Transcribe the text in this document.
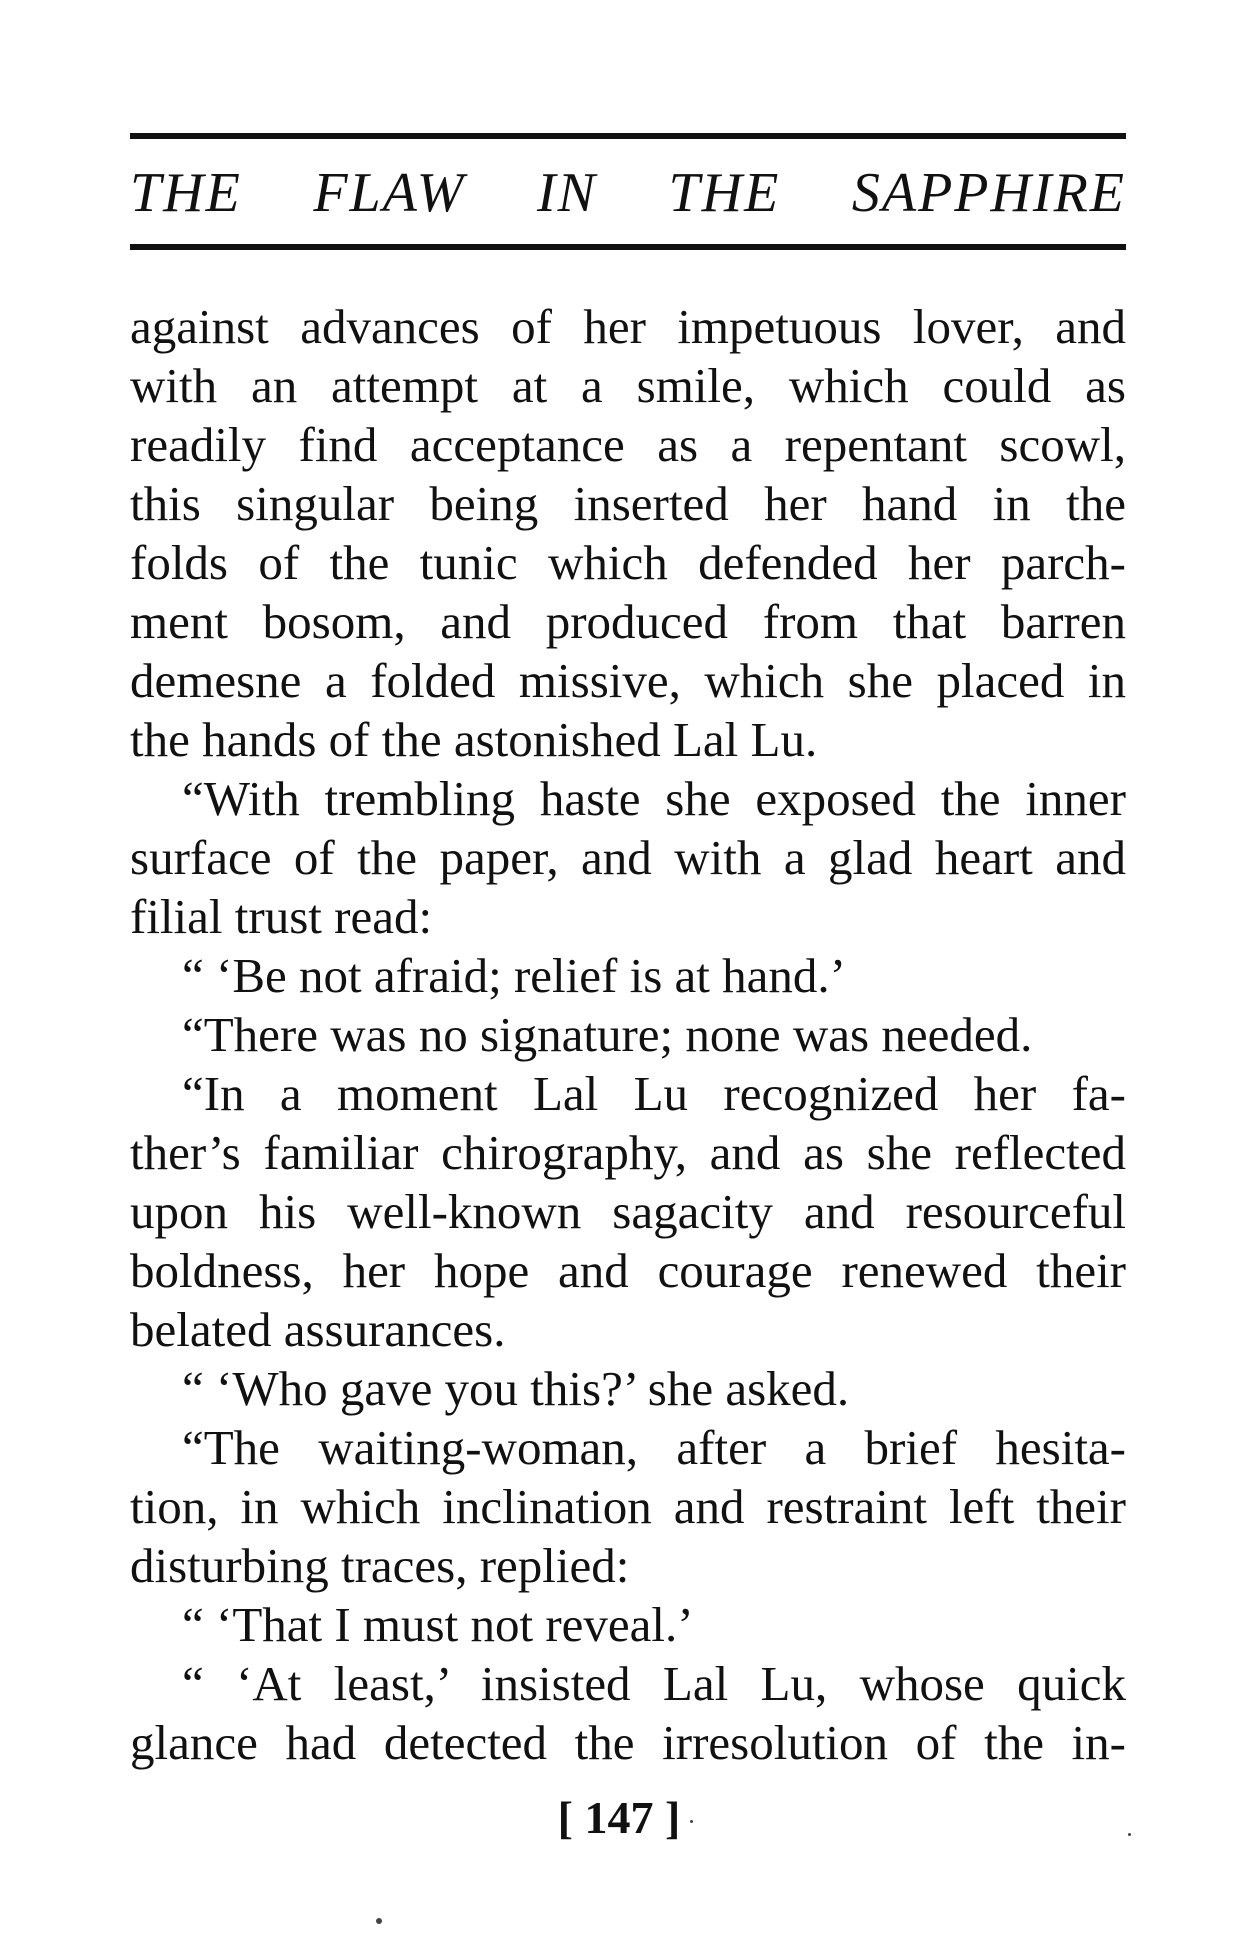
THE FLAW IN THE SAPPHIRE
against advances of her impetuous lover, and
with an attempt at a smile, which could as
readily find acceptance as a repentant scowl,
this singular being inserted her hand in the
folds of the tunic which defended her parch-
ment bosom, and produced from that barren
demesne a folded missive, which she placed in
the hands of the astonished Lal Lu.
“With trembling haste she exposed the inner
surface of the paper, and with a glad heart and
filial trust read:
“ ‘Be not afraid; relief is at hand.’
“There was no signature; none was needed.
“In a moment Lal Lu recognized her fa-
ther’s familiar chirography, and as she reflected
upon his well-known sagacity and resourceful
boldness, her hope and courage renewed their
belated assurances.
“ ‘Who gave you this?’ she asked.
“The waiting-woman, after a brief hesita-
tion, in which inclination and restraint left their
disturbing traces, replied:
“ ‘That I must not reveal.’
“ ‘At least,’ insisted Lal Lu, whose quick
glance had detected the irresolution of the in-
[ 147 ]
